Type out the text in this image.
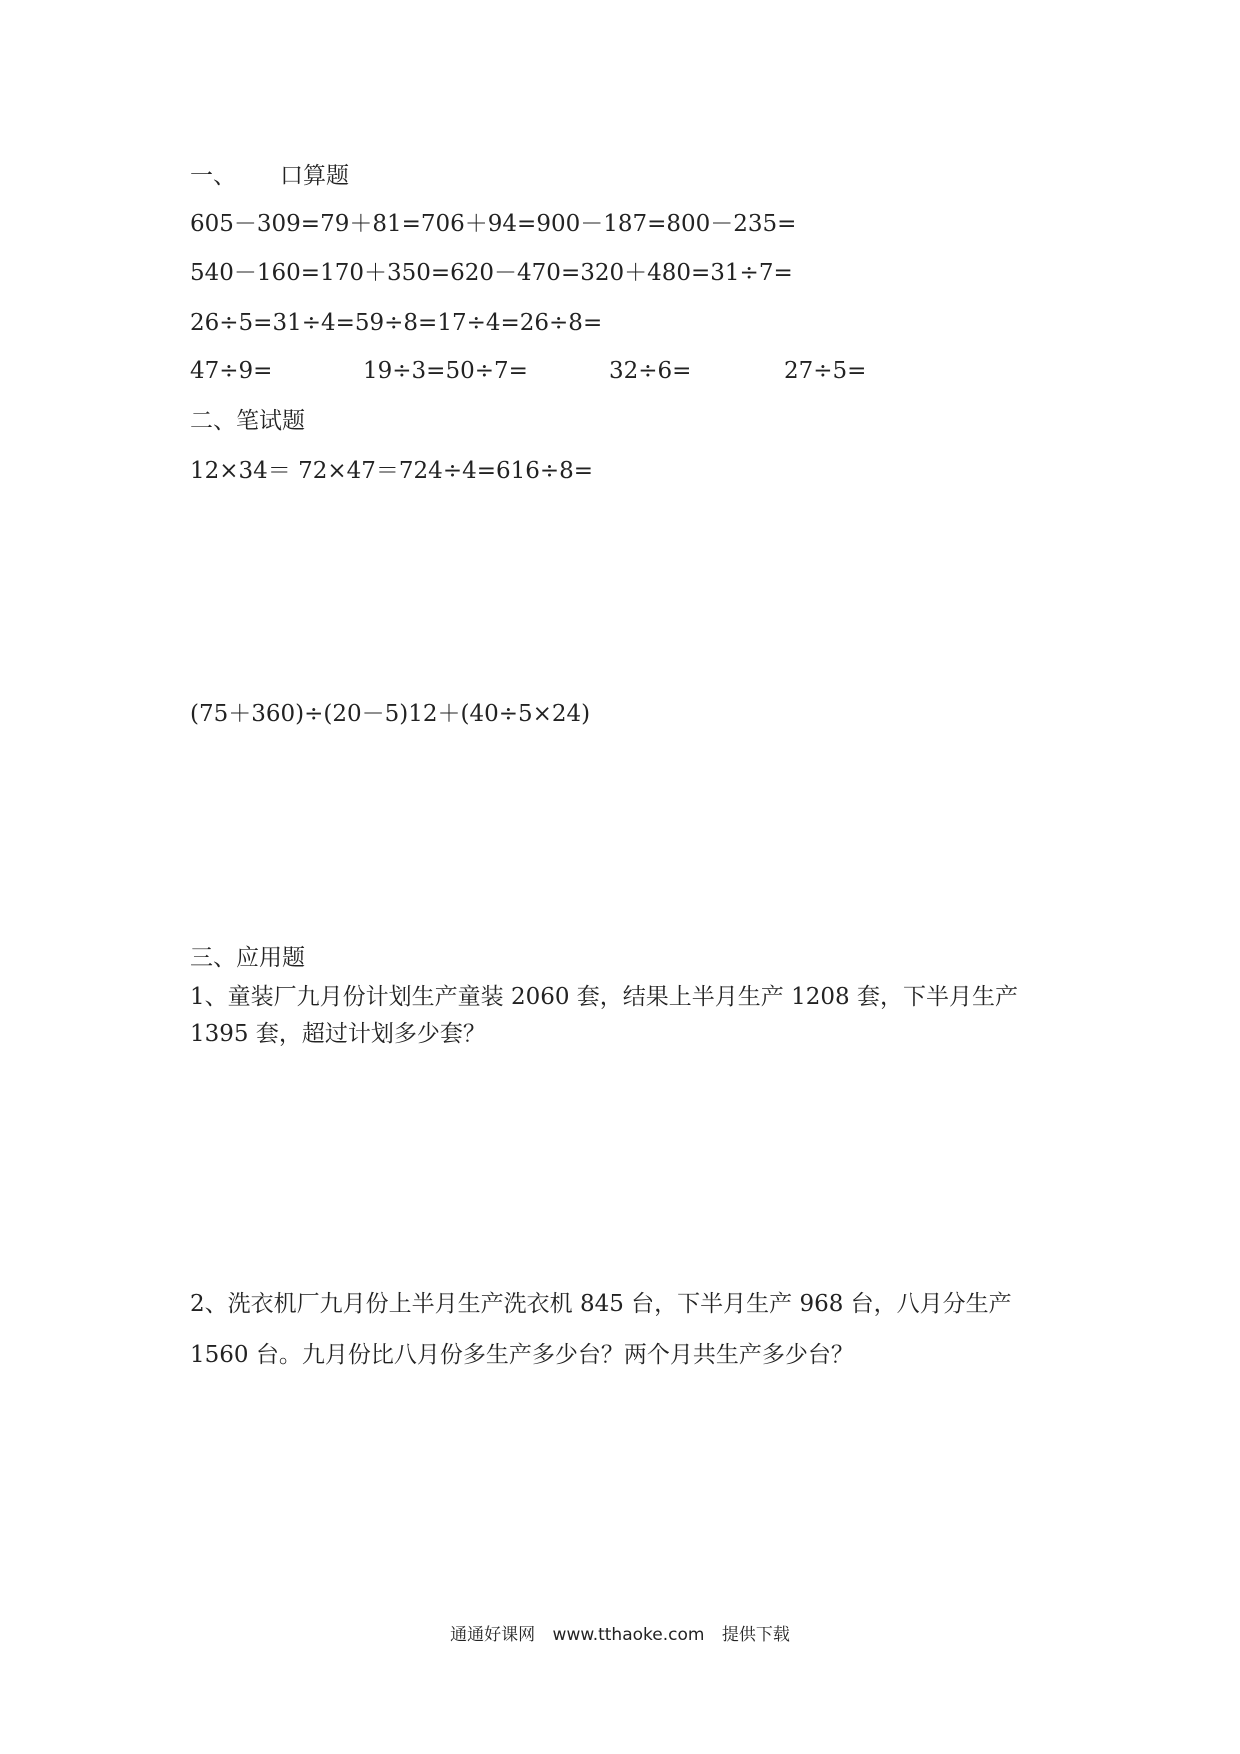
一、 口算题
605－309=79＋81=706＋94=900－187=800－235=
540－160=170＋350=620－470=320＋480=31÷7=
26÷5=31÷4=59÷8=17÷4=26÷8=
47÷9=	19÷3=50÷7=	32÷6=	27÷5=
二、笔试题
12×34＝ 72×47＝724÷4=616÷8=
(75＋360)÷(20－5)12＋(40÷5×24)
三、应用题
1、童装厂九月份计划生产童装 2060 套，结果上半月生产 1208 套，下半月生产
1395 套，超过计划多少套？
2、洗衣机厂九月份上半月生产洗衣机 845 台，下半月生产 968 台，八月分生产
1560 台。九月份比八月份多生产多少台？两个月共生产多少台？
通通好课网 www.tthaoke.com 提供下载
